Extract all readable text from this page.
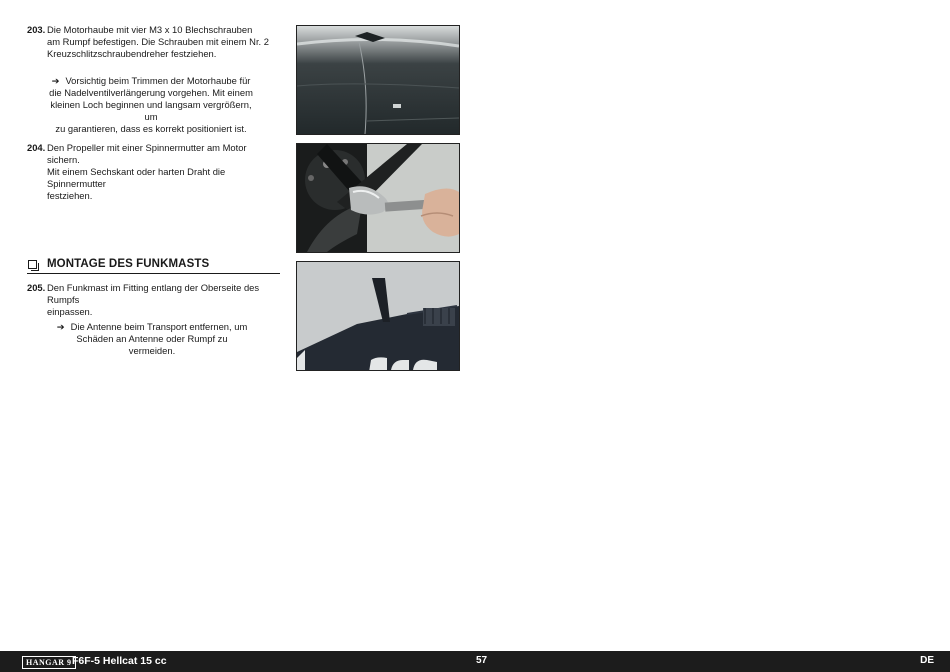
203. Die Motorhaube mit vier M3 x 10 Blechschrauben
am Rumpf befestigen. Die Schrauben mit einem Nr. 2
Kreuzschlitzschraubendreher festziehen.
➔ Vorsichtig beim Trimmen der Motorhaube für
die Nadelventilverlängerung vorgehen. Mit einem
kleinen Loch beginnen und langsam vergrößern, um
zu garantieren, dass es korrekt positioniert ist.
204. Den Propeller mit einer Spinnermutter am Motor sichern.
Mit einem Sechskant oder harten Draht die Spinnermutter
festziehen.
MONTAGE DES FUNKMASTS
205. Den Funkmast im Fitting entlang der Oberseite des Rumpfs
einpassen.
➔ Die Antenne beim Transport entfernen, um
Schäden an Antenne oder Rumpf zu vermeiden.
HANGAR 9 F6F-5 Hellcat 15 cc	57	DE
